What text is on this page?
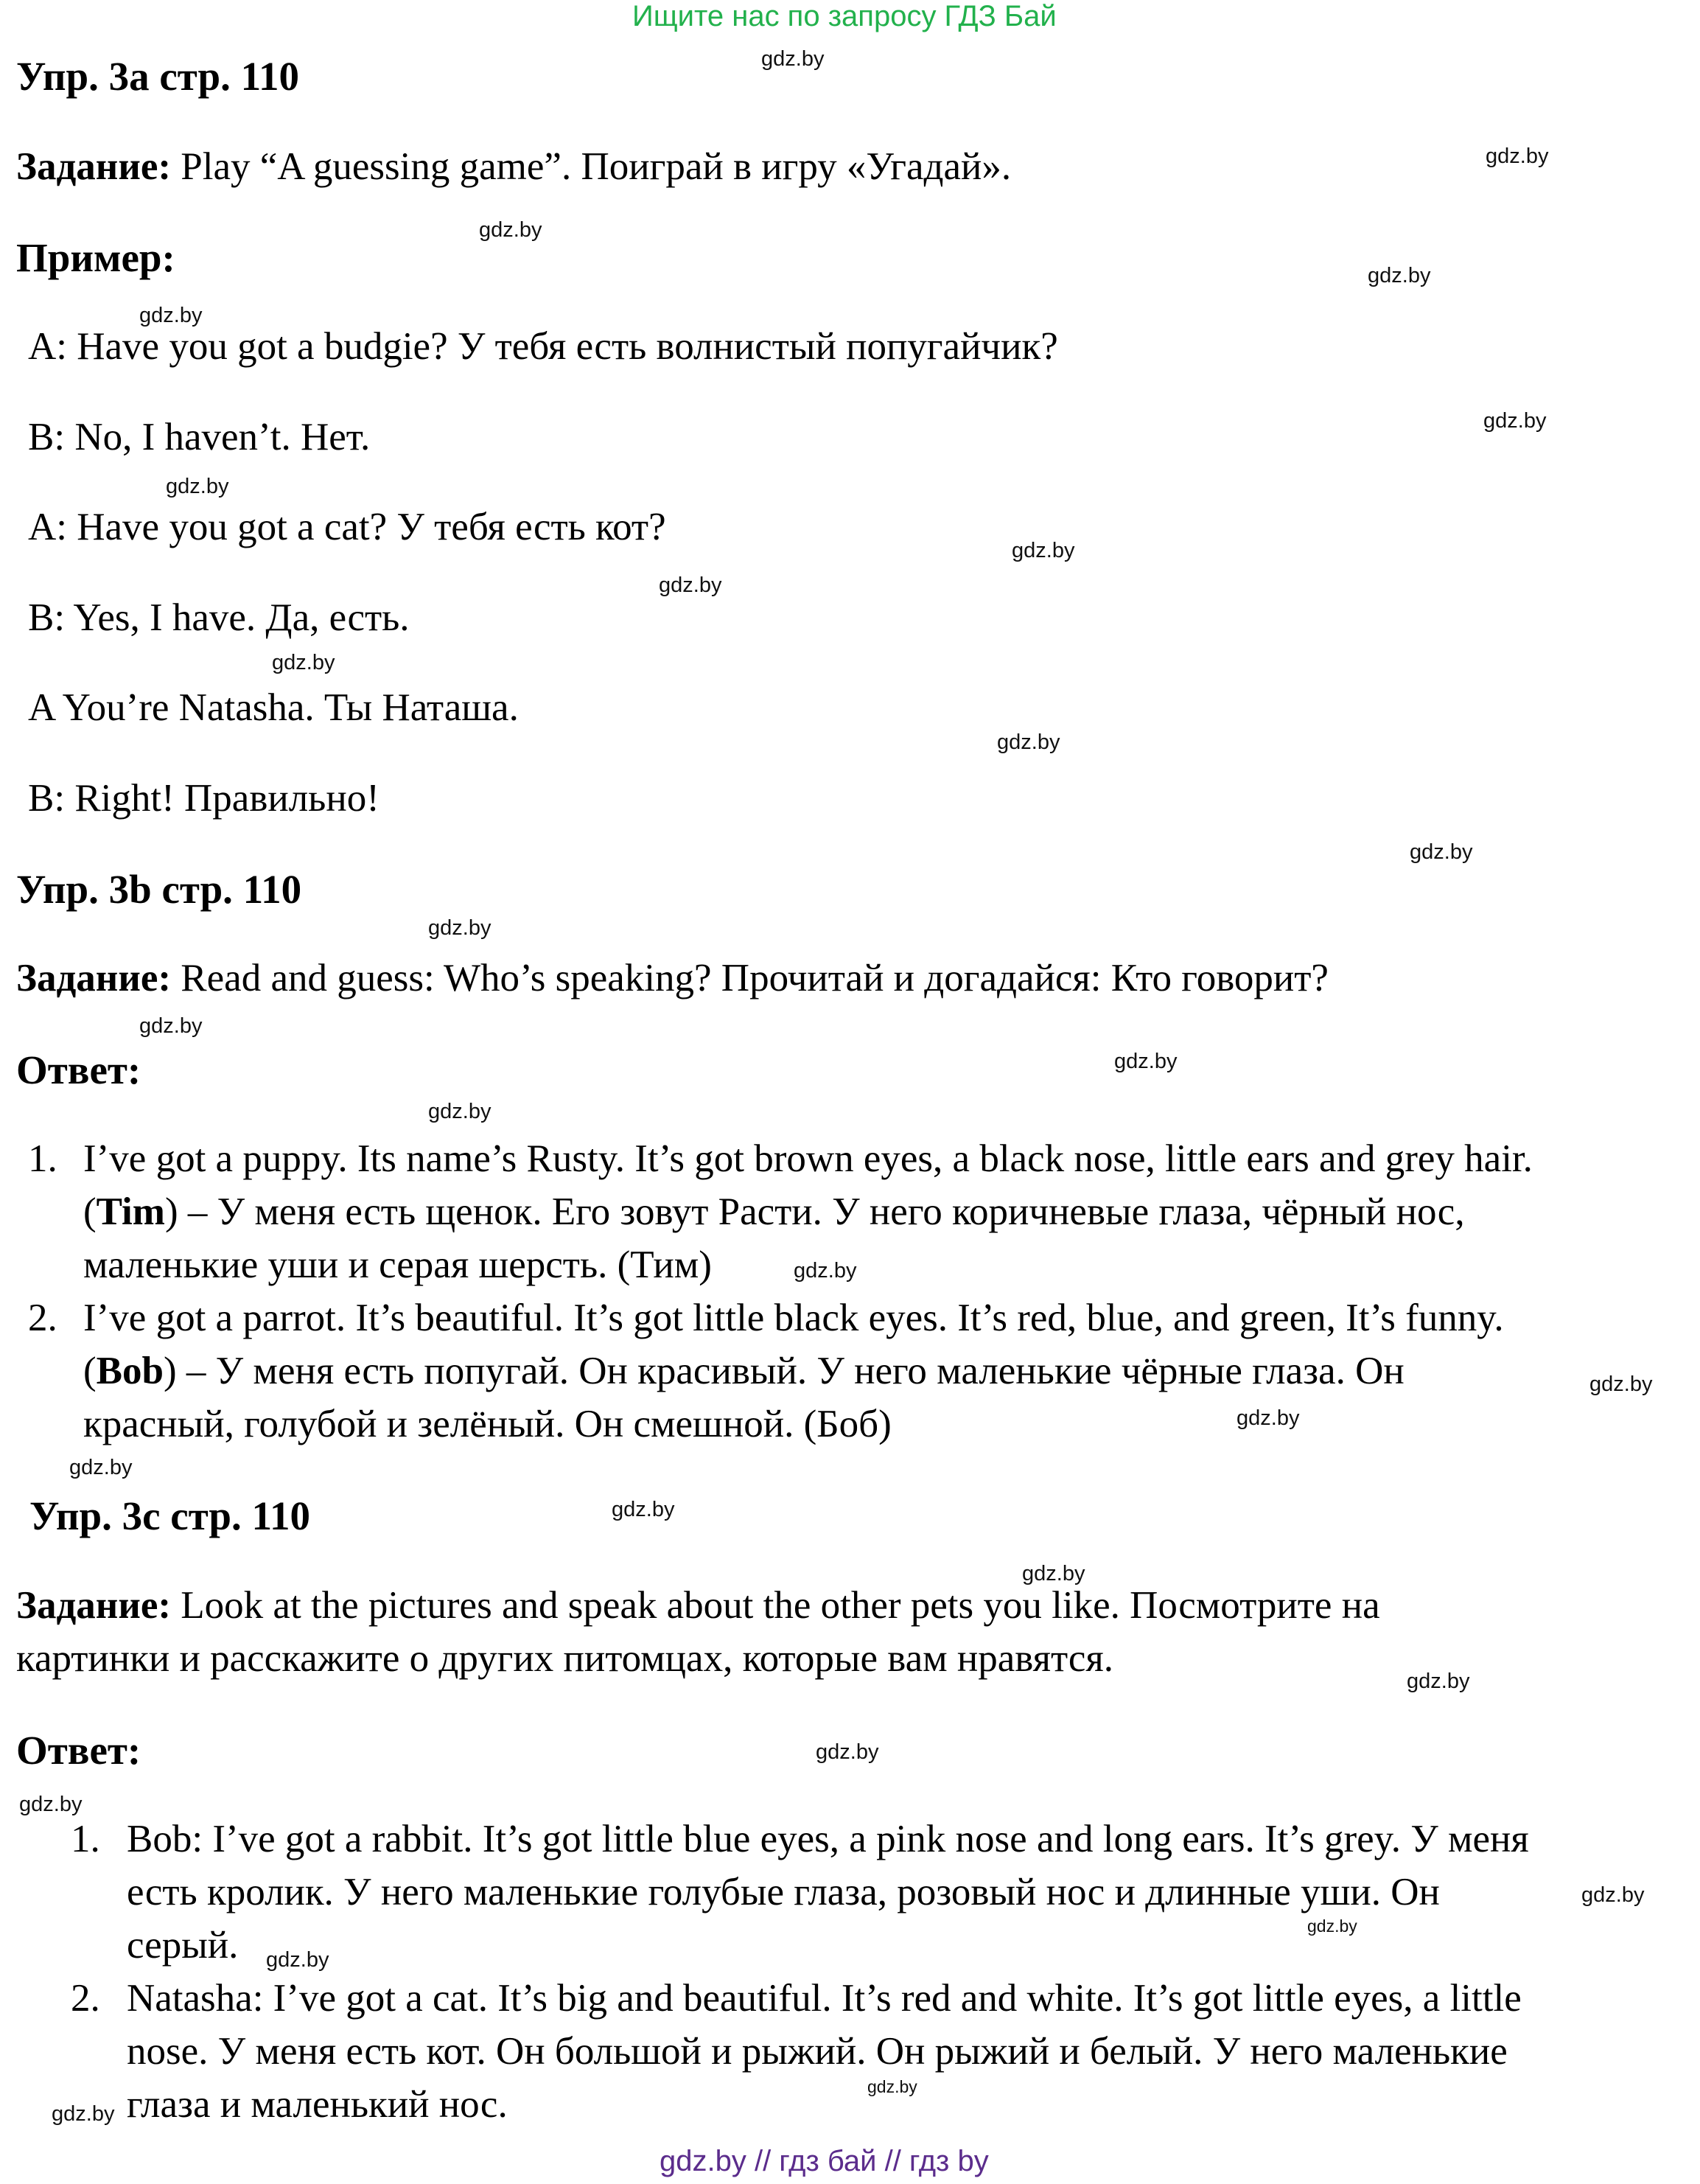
Ищите нас по запросу ГДЗ Бай
Упр. 3a стр. 110
Задание: Play “A guessing game”. Поиграй в игру «Угадай».
Пример:
A: Have you got a budgie? У тебя есть волнистый попугайчик?
B: No, I haven’t. Нет.
A: Have you got a cat? У тебя есть кот?
B: Yes, I have. Да, есть.
A You’re Natasha. Ты Наташа.
B: Right! Правильно!
Упр. 3b стр. 110
Задание: Read and guess: Who’s speaking? Прочитай и догадайся: Кто говорит?
Ответ:
1. I’ve got a puppy. Its name’s Rusty. It’s got brown eyes, a black nose, little ears and grey hair.
(Tim) – У меня есть щенок. Его зовут Расти. У него коричневые глаза, чёрный нос,
маленькие уши и серая шерсть. (Тим)
2. I’ve got a parrot. It’s beautiful. It’s got little black eyes. It’s red, blue, and green, It’s funny.
(Bob) – У меня есть попугай. Он красивый. У него маленькие чёрные глаза. Он
красный, голубой и зелёный. Он смешной. (Боб)
Упр. 3c стр. 110
Задание: Look at the pictures and speak about the other pets you like. Посмотрите на
картинки и расскажите о других питомцах, которые вам нравятся.
Ответ:
1. Bob: I’ve got a rabbit. It’s got little blue eyes, a pink nose and long ears. It’s grey. У меня
есть кролик. У него маленькие голубые глаза, розовый нос и длинные уши. Он
серый.
2. Natasha: I’ve got a cat. It’s big and beautiful. It’s red and white. It’s got little eyes, a little
nose. У меня есть кот. Он большой и рыжий. Он рыжий и белый. У него маленькие
глаза и маленький нос.
gdz.by
gdz.by
gdz.by
gdz.by
gdz.by
gdz.by
gdz.by
gdz.by
gdz.by
gdz.by
gdz.by
gdz.by
gdz.by
gdz.by
gdz.by
gdz.by
gdz.by
gdz.by
gdz.by
gdz.by
gdz.by
gdz.by
gdz.by
gdz.by
gdz.by
gdz.by
gdz.by
gdz.by
gdz.by
gdz.by
gdz.by // гдз бай // гдз by
